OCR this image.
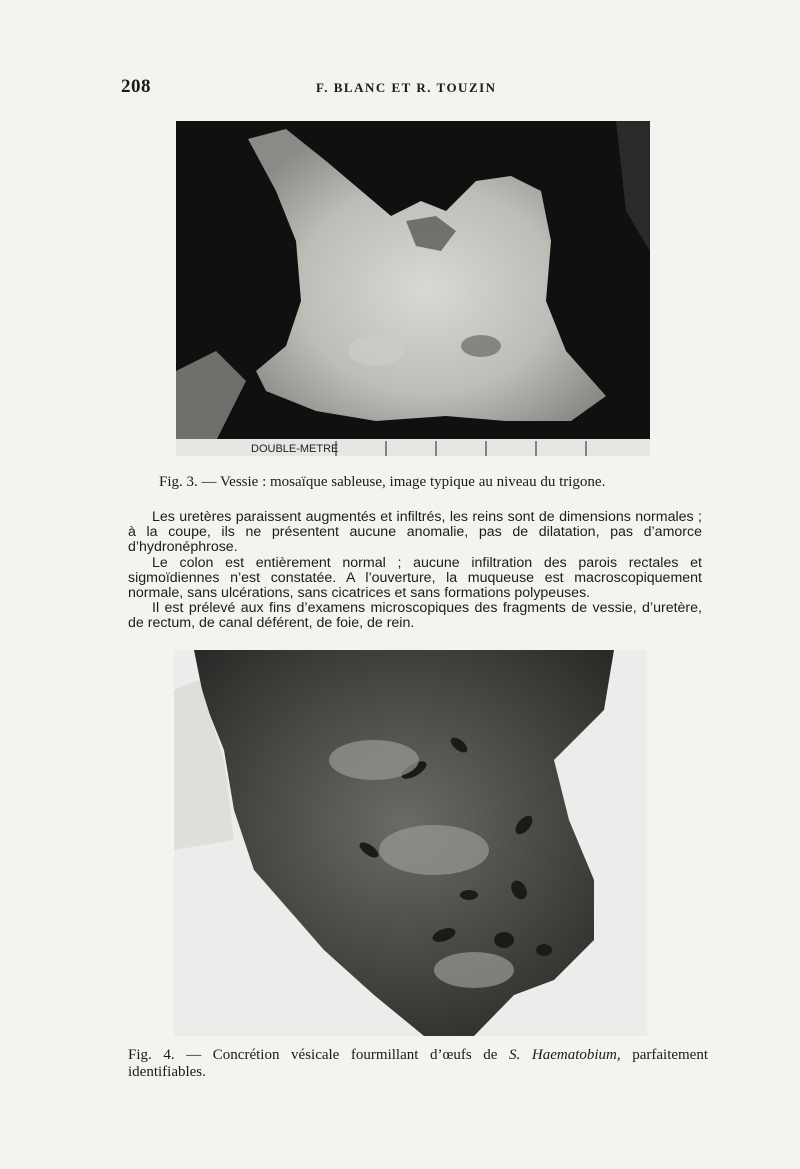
208	F. BLANC ET R. TOUZIN
DOUBLE-METRE
Fig. 3. — Vessie : mosaïque sableuse, image typique au niveau du trigone.

Les uretères paraissent augmentés et infiltrés, les reins sont de dimensions normales ; à la coupe, ils ne présentent aucune anomalie, pas de dilatation, pas d’amorce d’hydronéphrose.

Le colon est entièrement normal ; aucune infiltration des parois rectales et sigmoïdiennes n’est constatée. A l’ouverture, la muqueuse est macroscopiquement normale, sans ulcérations, sans cicatrices et sans formations polypeuses.

Il est prélevé aux fins d’examens microscopiques des fragments de vessie, d’uretère, de rectum, de canal déférent, de foie, de rein.

Fig. 4. — Concrétion vésicale fourmillant d’œufs de S. Haematobium, parfaitement identifiables.
